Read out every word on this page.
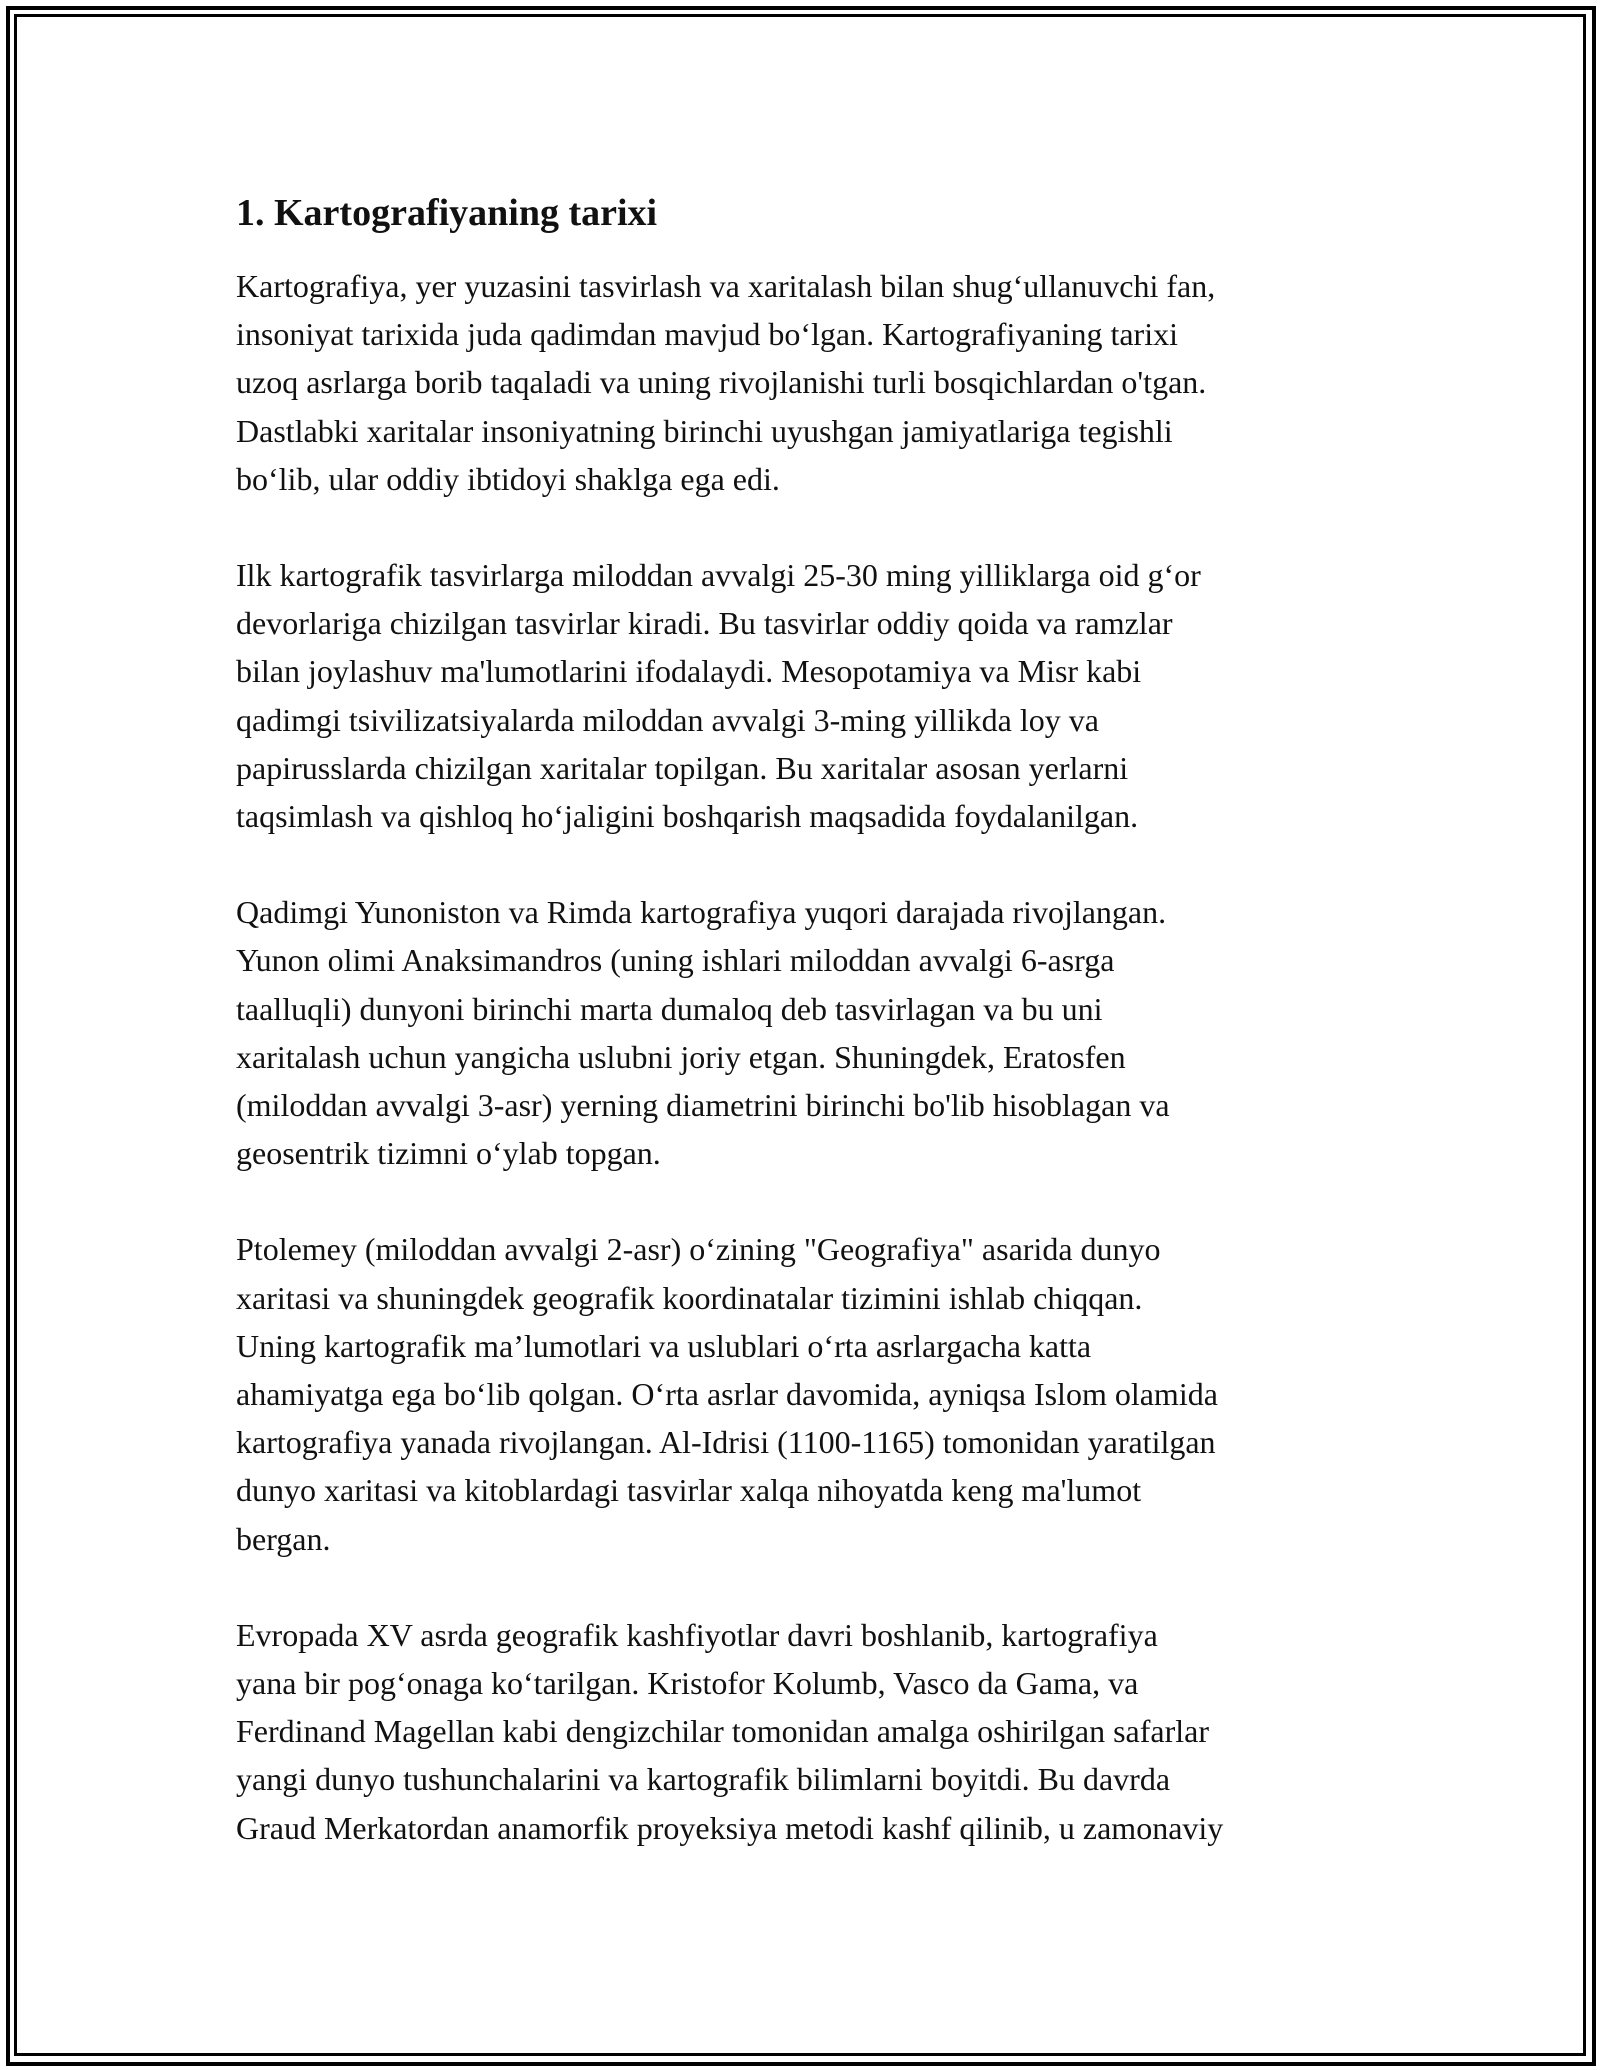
1. Kartografiyaning tarixi

Kartografiya, yer yuzasini tasvirlash va xaritalash bilan shug‘ullanuvchi fan,
insoniyat tarixida juda qadimdan mavjud bo‘lgan. Kartografiyaning tarixi
uzoq asrlarga borib taqaladi va uning rivojlanishi turli bosqichlardan o'tgan.
Dastlabki xaritalar insoniyatning birinchi uyushgan jamiyatlariga tegishli
bo‘lib, ular oddiy ibtidoyi shaklga ega edi.

Ilk kartografik tasvirlarga miloddan avvalgi 25-30 ming yilliklarga oid g‘or
devorlariga chizilgan tasvirlar kiradi. Bu tasvirlar oddiy qoida va ramzlar
bilan joylashuv ma'lumotlarini ifodalaydi. Mesopotamiya va Misr kabi
qadimgi tsivilizatsiyalarda miloddan avvalgi 3-ming yillikda loy va
papirusslarda chizilgan xaritalar topilgan. Bu xaritalar asosan yerlarni
taqsimlash va qishloq ho‘jaligini boshqarish maqsadida foydalanilgan.

Qadimgi Yunoniston va Rimda kartografiya yuqori darajada rivojlangan.
Yunon olimi Anaksimandros (uning ishlari miloddan avvalgi 6-asrga
taalluqli) dunyoni birinchi marta dumaloq deb tasvirlagan va bu uni
xaritalash uchun yangicha uslubni joriy etgan. Shuningdek, Eratosfen
(miloddan avvalgi 3-asr) yerning diametrini birinchi bo'lib hisoblagan va
geosentrik tizimni o‘ylab topgan.

Ptolemey (miloddan avvalgi 2-asr) o‘zining "Geografiya" asarida dunyo
xaritasi va shuningdek geografik koordinatalar tizimini ishlab chiqqan.
Uning kartografik ma’lumotlari va uslublari o‘rta asrlargacha katta
ahamiyatga ega bo‘lib qolgan. O‘rta asrlar davomida, ayniqsa Islom olamida
kartografiya yanada rivojlangan. Al-Idrisi (1100-1165) tomonidan yaratilgan
dunyo xaritasi va kitoblardagi tasvirlar xalqa nihoyatda keng ma'lumot
bergan.

Evropada XV asrda geografik kashfiyotlar davri boshlanib, kartografiya
yana bir pog‘onaga ko‘tarilgan. Kristofor Kolumb, Vasco da Gama, va
Ferdinand Magellan kabi dengizchilar tomonidan amalga oshirilgan safarlar
yangi dunyo tushunchalarini va kartografik bilimlarni boyitdi. Bu davrda
Graud Merkatordan anamorfik proyeksiya metodi kashf qilinib, u zamonaviy
